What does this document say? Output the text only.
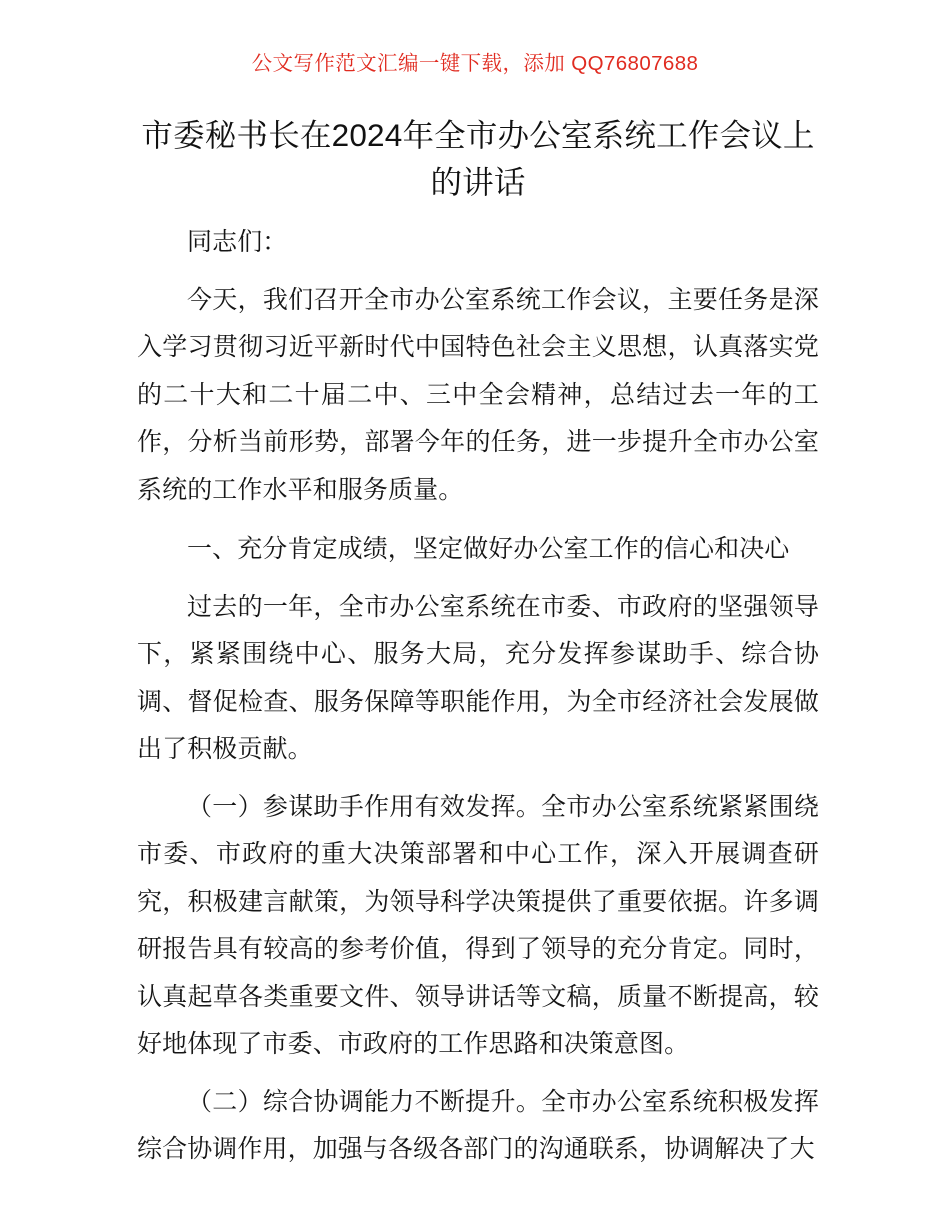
公文写作范文汇编一键下载，添加 QQ76807688
市委秘书长在2024年全市办公室系统工作会议上的讲话

同志们：

今天，我们召开全市办公室系统工作会议，主要任务是深入学习贯彻习近平新时代中国特色社会主义思想，认真落实党的二十大和二十届二中、三中全会精神，总结过去一年的工作，分析当前形势，部署今年的任务，进一步提升全市办公室系统的工作水平和服务质量。

一、充分肯定成绩，坚定做好办公室工作的信心和决心

过去的一年，全市办公室系统在市委、市政府的坚强领导下，紧紧围绕中心、服务大局，充分发挥参谋助手、综合协调、督促检查、服务保障等职能作用，为全市经济社会发展做出了积极贡献。

（一）参谋助手作用有效发挥。全市办公室系统紧紧围绕市委、市政府的重大决策部署和中心工作，深入开展调查研究，积极建言献策，为领导科学决策提供了重要依据。许多调研报告具有较高的参考价值，得到了领导的充分肯定。同时，认真起草各类重要文件、领导讲话等文稿，质量不断提高，较好地体现了市委、市政府的工作思路和决策意图。

（二）综合协调能力不断提升。全市办公室系统积极发挥综合协调作用，加强与各级各部门的沟通联系，协调解决了大
